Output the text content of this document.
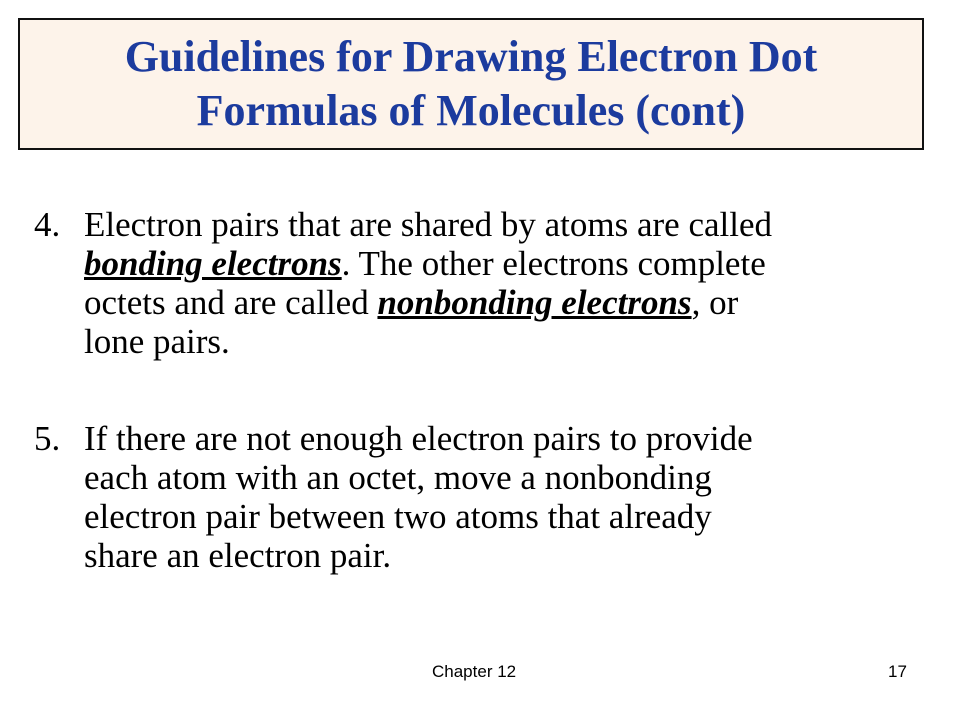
Guidelines for Drawing Electron Dot
Formulas of Molecules (cont)
4. Electron pairs that are shared by atoms are called
bonding electrons. The other electrons complete
octets and are called nonbonding electrons, or
lone pairs.
5. If there are not enough electron pairs to provide
each atom with an octet, move a nonbonding
electron pair between two atoms that already
share an electron pair.
Chapter 12	17
